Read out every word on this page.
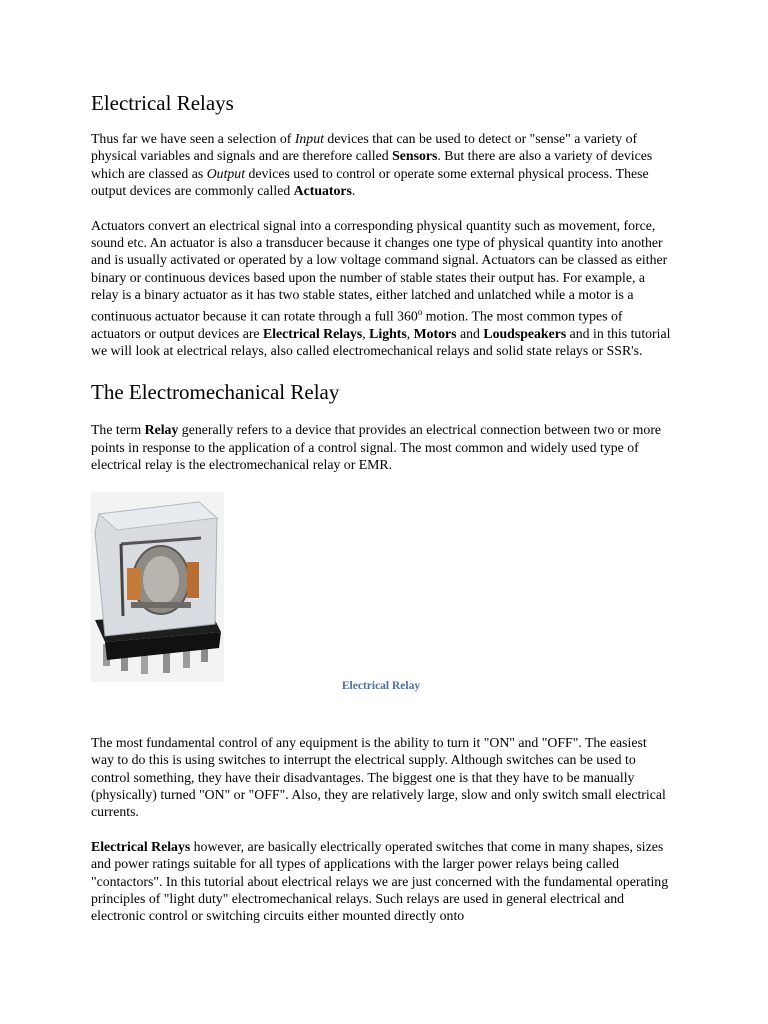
Electrical Relays

Thus far we have seen a selection of Input devices that can be used to detect or "sense" a variety of physical variables and signals and are therefore called Sensors. But there are also a variety of devices which are classed as Output devices used to control or operate some external physical process. These output devices are commonly called Actuators.

Actuators convert an electrical signal into a corresponding physical quantity such as movement, force, sound etc. An actuator is also a transducer because it changes one type of physical quantity into another and is usually activated or operated by a low voltage command signal. Actuators can be classed as either binary or continuous devices based upon the number of stable states their output has. For example, a relay is a binary actuator as it has two stable states, either latched and unlatched while a motor is a continuous actuator because it can rotate through a full 360$^o$ motion. The most common types of actuators or output devices are Electrical Relays, Lights, Motors and Loudspeakers and in this tutorial we will look at electrical relays, also called electromechanical relays and solid state relays or SSR's.

The Electromechanical Relay

The term Relay generally refers to a device that provides an electrical connection between two or more points in response to the application of a control signal. The most common and widely used type of electrical relay is the electromechanical relay or EMR.

Electrical Relay

The most fundamental control of any equipment is the ability to turn it "ON" and "OFF". The easiest way to do this is using switches to interrupt the electrical supply. Although switches can be used to control something, they have their disadvantages. The biggest one is that they have to be manually (physically) turned "ON" or "OFF". Also, they are relatively large, slow and only switch small electrical currents.

Electrical Relays however, are basically electrically operated switches that come in many shapes, sizes and power ratings suitable for all types of applications with the larger power relays being called "contactors". In this tutorial about electrical relays we are just concerned with the fundamental operating principles of "light duty" electromechanical relays. Such relays are used in general electrical and electronic control or switching circuits either mounted directly onto
